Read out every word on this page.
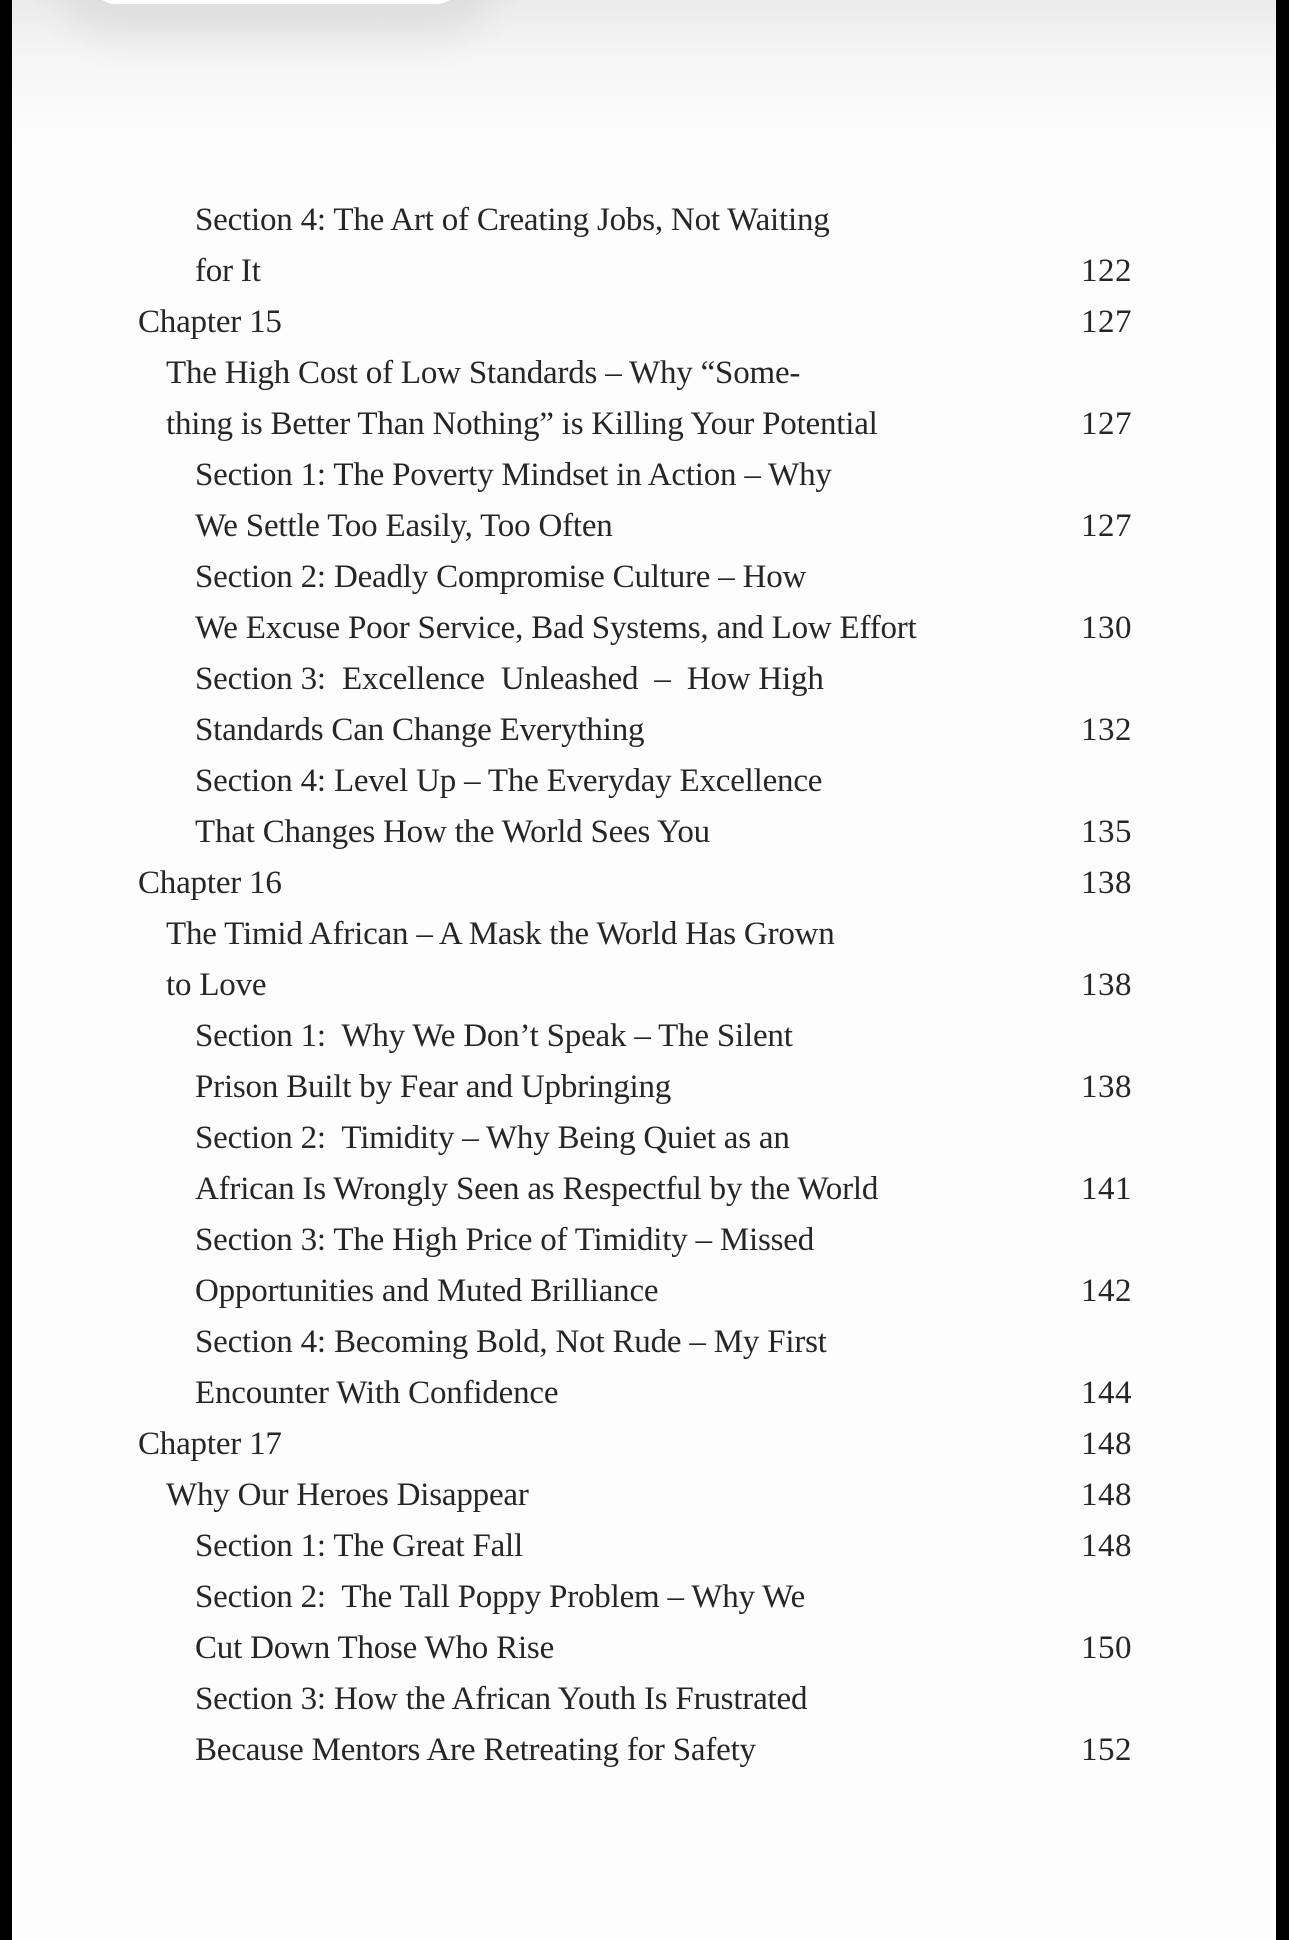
Section 4: The Art of Creating Jobs, Not Waiting
for It	122
Chapter 15	127
The High Cost of Low Standards – Why “Some-
thing is Better Than Nothing” is Killing Your Potential	127
Section 1: The Poverty Mindset in Action – Why
We Settle Too Easily, Too Often	127
Section 2: Deadly Compromise Culture – How
We Excuse Poor Service, Bad Systems, and Low Effort	130
Section 3:  Excellence  Unleashed  –  How High
Standards Can Change Everything	132
Section 4: Level Up – The Everyday Excellence
That Changes How the World Sees You	135
Chapter 16	138
The Timid African – A Mask the World Has Grown
to Love	138
Section 1:  Why We Don’t Speak – The Silent
Prison Built by Fear and Upbringing	138
Section 2:  Timidity – Why Being Quiet as an
African Is Wrongly Seen as Respectful by the World	141
Section 3: The High Price of Timidity – Missed
Opportunities and Muted Brilliance	142
Section 4: Becoming Bold, Not Rude – My First
Encounter With Confidence	144
Chapter 17	148
Why Our Heroes Disappear	148
Section 1: The Great Fall	148
Section 2:  The Tall Poppy Problem – Why We
Cut Down Those Who Rise	150
Section 3: How the African Youth Is Frustrated
Because Mentors Are Retreating for Safety	152
